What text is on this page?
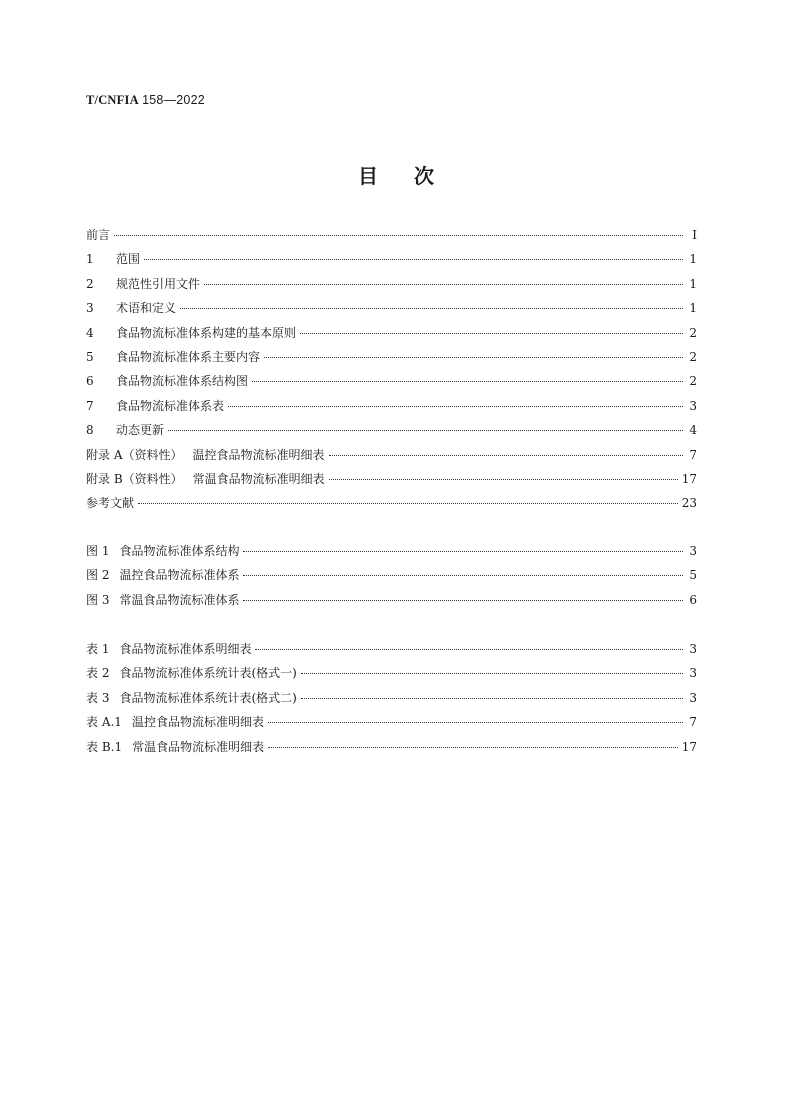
T/CNFIA 158—2022
目次
前言	Ⅰ
1 范围	1
2 规范性引用文件	1
3 术语和定义	1
4 食品物流标准体系构建的基本原则	2
5 食品物流标准体系主要内容	2
6 食品物流标准体系结构图	2
7 食品物流标准体系表	3
8 动态更新	4
附录 A（资料性） 温控食品物流标准明细表	7
附录 B（资料性） 常温食品物流标准明细表	17
参考文献	23
图 1 食品物流标准体系结构	3
图 2 温控食品物流标准体系	5
图 3 常温食品物流标准体系	6
表 1 食品物流标准体系明细表	3
表 2 食品物流标准体系统计表(格式一)	3
表 3 食品物流标准体系统计表(格式二)	3
表 A.1 温控食品物流标准明细表	7
表 B.1 常温食品物流标准明细表	17
